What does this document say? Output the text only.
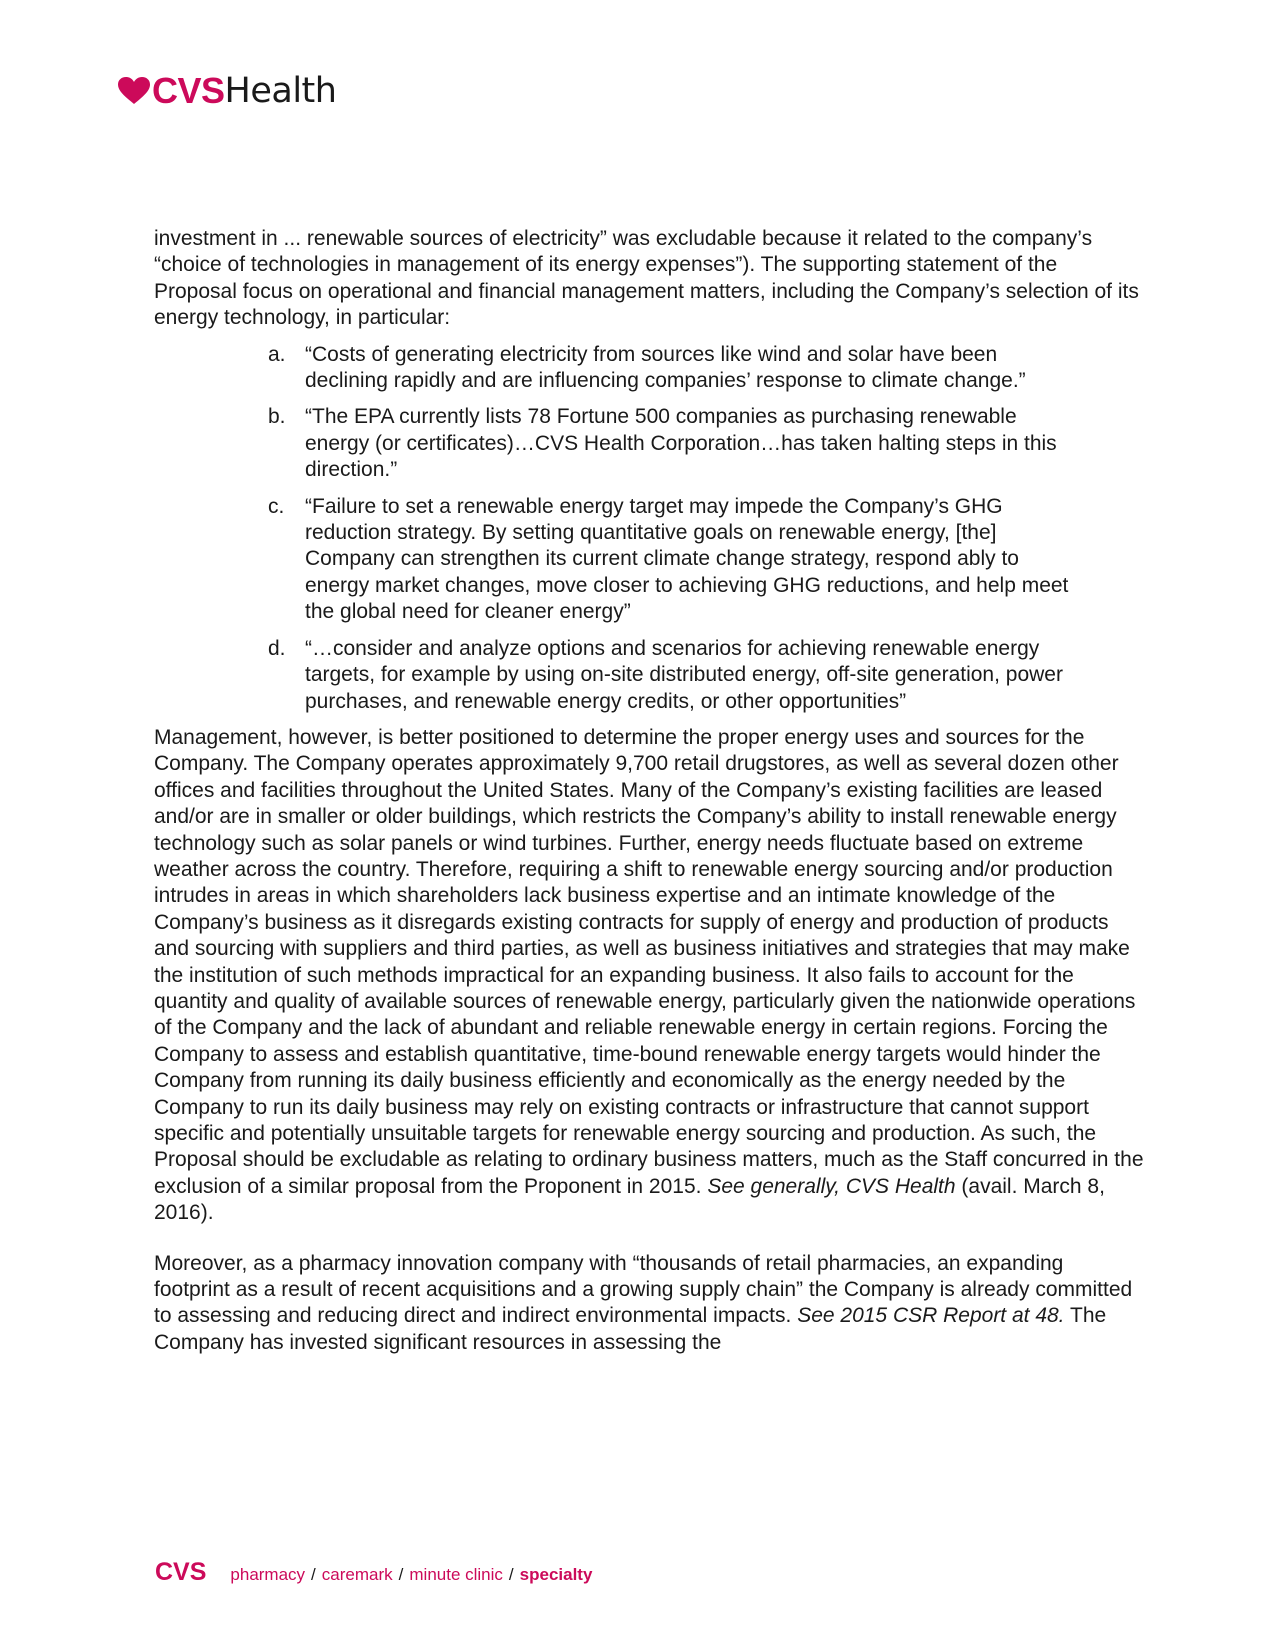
CVS Health

investment in ... renewable sources of electricity” was excludable because it related to the company’s “choice of technologies in management of its energy expenses”). The supporting statement of the Proposal focus on operational and financial management matters, including the Company’s selection of its energy technology, in particular:

a. “Costs of generating electricity from sources like wind and solar have been declining rapidly and are influencing companies’ response to climate change.”
b. “The EPA currently lists 78 Fortune 500 companies as purchasing renewable energy (or certificates)…CVS Health Corporation…has taken halting steps in this direction.”
c. “Failure to set a renewable energy target may impede the Company’s GHG reduction strategy. By setting quantitative goals on renewable energy, [the] Company can strengthen its current climate change strategy, respond ably to energy market changes, move closer to achieving GHG reductions, and help meet the global need for cleaner energy”
d. “…consider and analyze options and scenarios for achieving renewable energy targets, for example by using on-site distributed energy, off-site generation, power purchases, and renewable energy credits, or other opportunities”

Management, however, is better positioned to determine the proper energy uses and sources for the Company. The Company operates approximately 9,700 retail drugstores, as well as several dozen other offices and facilities throughout the United States. Many of the Company’s existing facilities are leased and/or are in smaller or older buildings, which restricts the Company’s ability to install renewable energy technology such as solar panels or wind turbines. Further, energy needs fluctuate based on extreme weather across the country. Therefore, requiring a shift to renewable energy sourcing and/or production intrudes in areas in which shareholders lack business expertise and an intimate knowledge of the Company’s business as it disregards existing contracts for supply of energy and production of products and sourcing with suppliers and third parties, as well as business initiatives and strategies that may make the institution of such methods impractical for an expanding business. It also fails to account for the quantity and quality of available sources of renewable energy, particularly given the nationwide operations of the Company and the lack of abundant and reliable renewable energy in certain regions. Forcing the Company to assess and establish quantitative, time-bound renewable energy targets would hinder the Company from running its daily business efficiently and economically as the energy needed by the Company to run its daily business may rely on existing contracts or infrastructure that cannot support specific and potentially unsuitable targets for renewable energy sourcing and production. As such, the Proposal should be excludable as relating to ordinary business matters, much as the Staff concurred in the exclusion of a similar proposal from the Proponent in 2015. See generally, CVS Health (avail. March 8, 2016).

Moreover, as a pharmacy innovation company with “thousands of retail pharmacies, an expanding footprint as a result of recent acquisitions and a growing supply chain” the Company is already committed to assessing and reducing direct and indirect environmental impacts. See 2015 CSR Report at 48. The Company has invested significant resources in assessing the

CVS pharmacy / caremark / minute clinic / specialty
